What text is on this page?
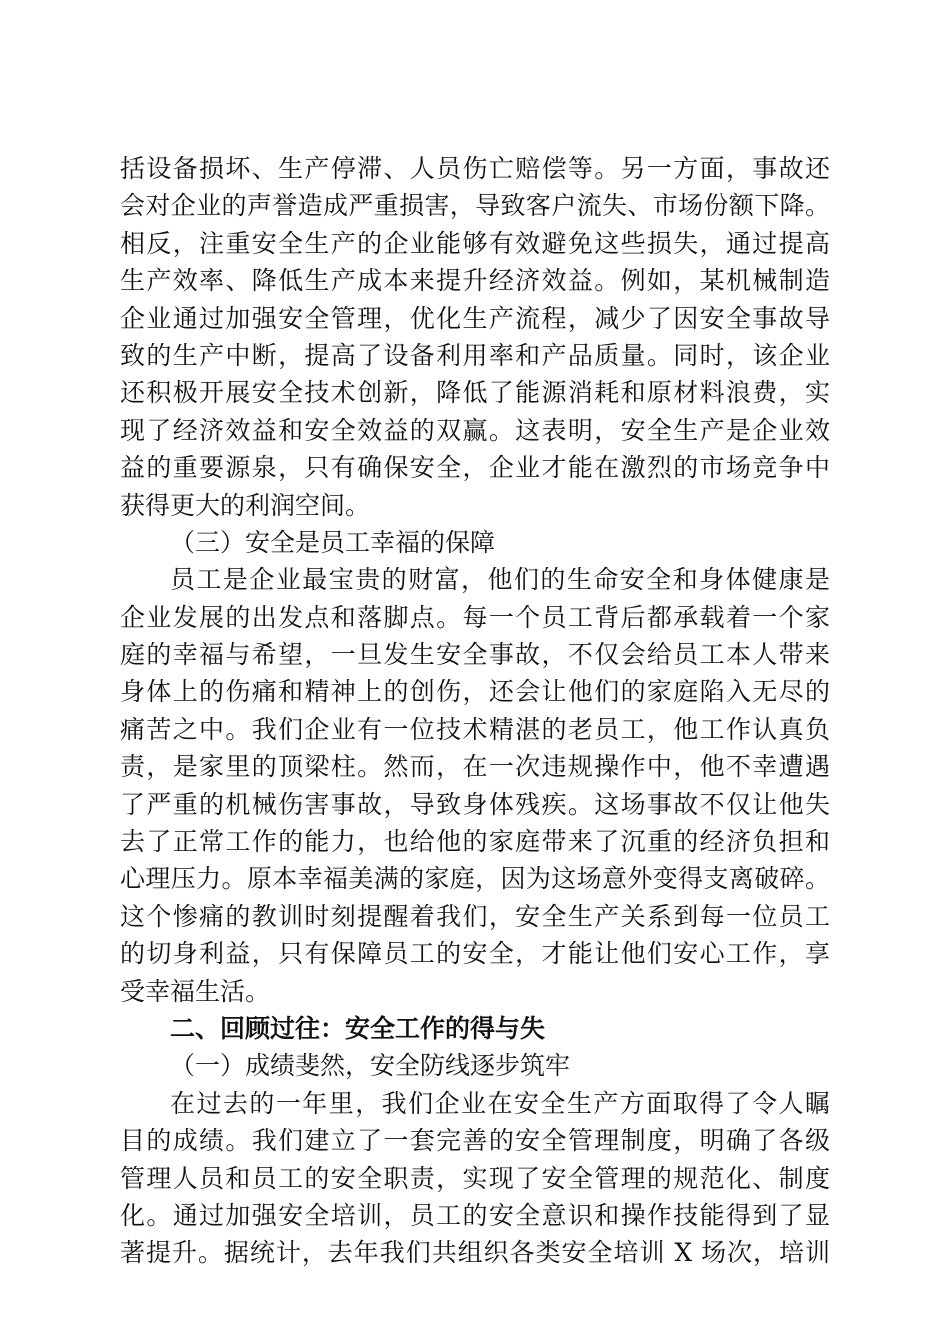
括设备损坏、生产停滞、人员伤亡赔偿等。另一方面，事故还
会对企业的声誉造成严重损害，导致客户流失、市场份额下降。
相反，注重安全生产的企业能够有效避免这些损失，通过提高
生产效率、降低生产成本来提升经济效益。例如，某机械制造
企业通过加强安全管理，优化生产流程，减少了因安全事故导
致的生产中断，提高了设备利用率和产品质量。同时，该企业
还积极开展安全技术创新，降低了能源消耗和原材料浪费，实
现了经济效益和安全效益的双赢。这表明，安全生产是企业效
益的重要源泉，只有确保安全，企业才能在激烈的市场竞争中
获得更大的利润空间。
（三）安全是员工幸福的保障
员工是企业最宝贵的财富，他们的生命安全和身体健康是
企业发展的出发点和落脚点。每一个员工背后都承载着一个家
庭的幸福与希望，一旦发生安全事故，不仅会给员工本人带来
身体上的伤痛和精神上的创伤，还会让他们的家庭陷入无尽的
痛苦之中。我们企业有一位技术精湛的老员工，他工作认真负
责，是家里的顶梁柱。然而，在一次违规操作中，他不幸遭遇
了严重的机械伤害事故，导致身体残疾。这场事故不仅让他失
去了正常工作的能力，也给他的家庭带来了沉重的经济负担和
心理压力。原本幸福美满的家庭，因为这场意外变得支离破碎。
这个惨痛的教训时刻提醒着我们，安全生产关系到每一位员工
的切身利益，只有保障员工的安全，才能让他们安心工作，享
受幸福生活。
二、回顾过往：安全工作的得与失
（一）成绩斐然，安全防线逐步筑牢
在过去的一年里，我们企业在安全生产方面取得了令人瞩
目的成绩。我们建立了一套完善的安全管理制度，明确了各级
管理人员和员工的安全职责，实现了安全管理的规范化、制度
化。通过加强安全培训，员工的安全意识和操作技能得到了显
著提升。据统计，去年我们共组织各类安全培训 X 场次，培训
